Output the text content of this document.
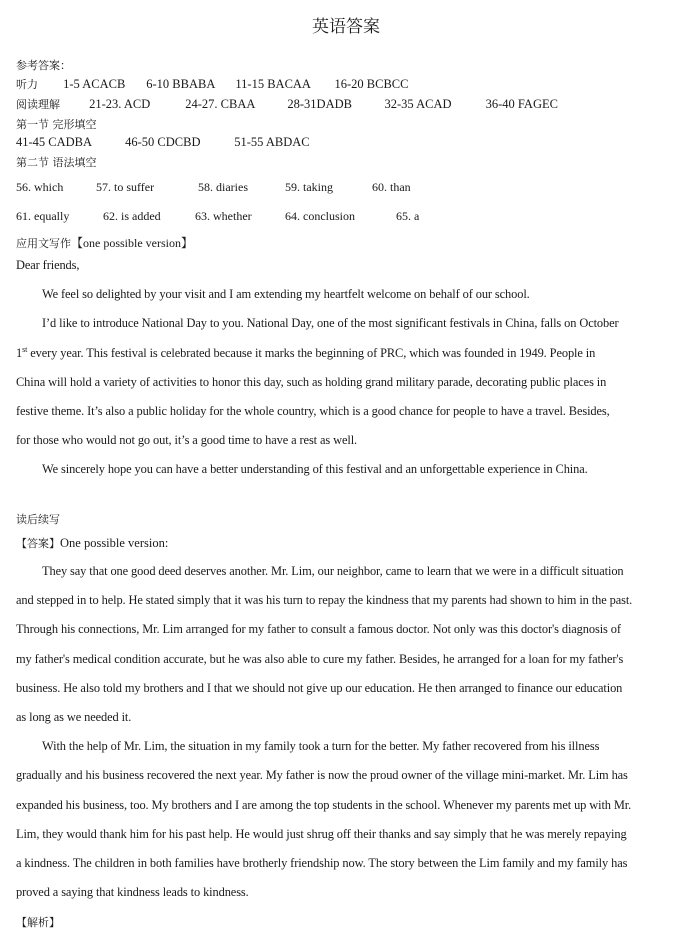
英语答案
参考答案：
听力 1-5 ACACB 6-10 BBABA 11-15 BACAA 16-20 BCBCC
阅读理解 21-23. ACD	24-27. CBAA	28-31DADB	32-35 ACAD	36-40 FAGEC
第一节 完形填空
41-45 CADBA	46-50 CDCBD	51-55 ABDAC
第二节 语法填空
56. which	57. to suffer	58. diaries	59. taking	60. than
61. equally	62. is added	63. whether	64. conclusion	65. a
应用文写作【one possible version】
Dear friends,
We feel so delighted by your visit and I am extending my heartfelt welcome on behalf of our school.
I’d like to introduce National Day to you. National Day, one of the most significant festivals in China, falls on October
1st every year. This festival is celebrated because it marks the beginning of PRC, which was founded in 1949. People in
China will hold a variety of activities to honor this day, such as holding grand military parade, decorating public places in
festive theme. It’s also a public holiday for the whole country, which is a good chance for people to have a travel. Besides,
for those who would not go out, it’s a good time to have a rest as well.
We sincerely hope you can have a better understanding of this festival and an unforgettable experience in China.
读后续写
【答案】One possible version:
They say that one good deed deserves another. Mr. Lim, our neighbor, came to learn that we were in a difficult situation
and stepped in to help. He stated simply that it was his turn to repay the kindness that my parents had shown to him in the past.
Through his connections, Mr. Lim arranged for my father to consult a famous doctor. Not only was this doctor's diagnosis of
my father's medical condition accurate, but he was also able to cure my father. Besides, he arranged for a loan for my father's
business. He also told my brothers and I that we should not give up our education. He then arranged to finance our education
as long as we needed it.
With the help of Mr. Lim, the situation in my family took a turn for the better. My father recovered from his illness
gradually and his business recovered the next year. My father is now the proud owner of the village mini-market. Mr. Lim has
expanded his business, too. My brothers and I are among the top students in the school. Whenever my parents met up with Mr.
Lim, they would thank him for his past help. He would just shrug off their thanks and say simply that he was merely repaying
a kindness. The children in both families have brotherly friendship now. The story between the Lim family and my family has
proved a saying that kindness leads to kindness.
【解析】
